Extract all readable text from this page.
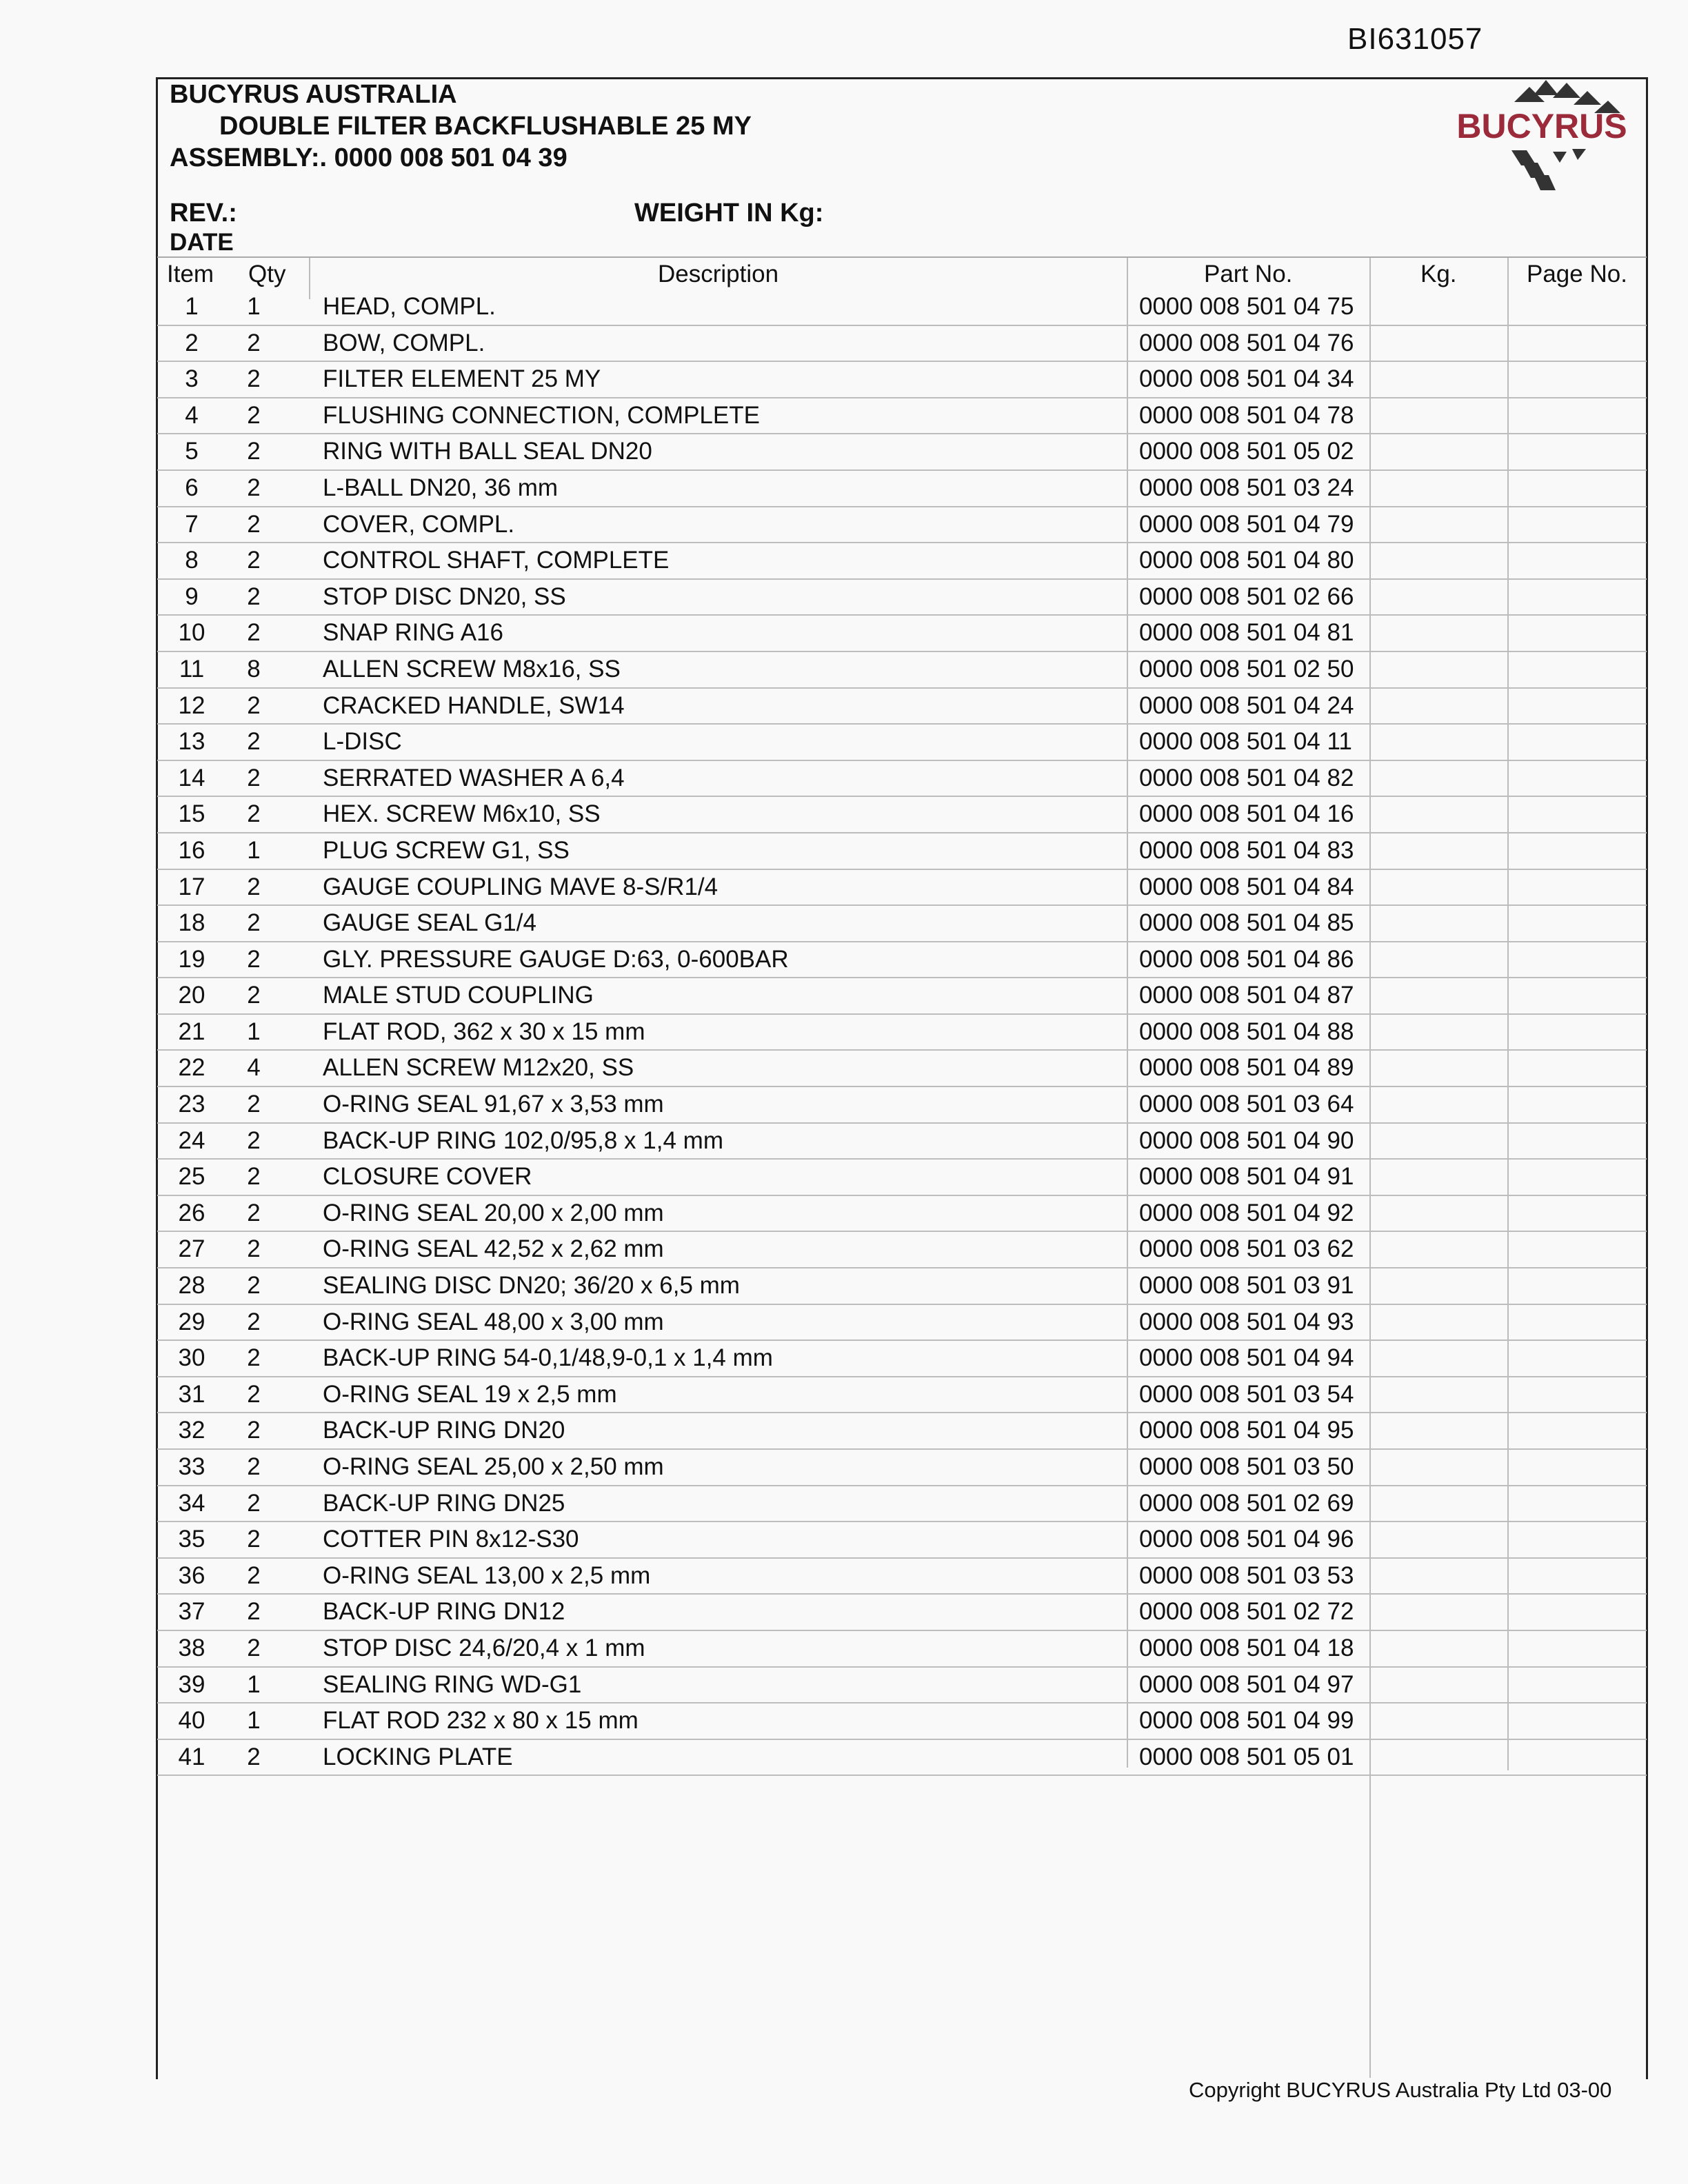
BI631057
BUCYRUS AUSTRALIA
DOUBLE FILTER BACKFLUSHABLE 25 MY
ASSEMBLY:. 0000 008 501 04 39
REV.:	WEIGHT IN Kg:
DATE
BUCYRUS
Item Qty	Description	Part No.	Kg.	Page No.
1	1	HEAD, COMPL.	0000 008 501 04 75
2	2	BOW, COMPL.	0000 008 501 04 76
3	2	FILTER ELEMENT 25 MY	0000 008 501 04 34
4	2	FLUSHING CONNECTION, COMPLETE	0000 008 501 04 78
5	2	RING WITH BALL SEAL DN20	0000 008 501 05 02
6	2	L-BALL DN20, 36 mm	0000 008 501 03 24
7	2	COVER, COMPL.	0000 008 501 04 79
8	2	CONTROL SHAFT, COMPLETE	0000 008 501 04 80
9	2	STOP DISC DN20, SS	0000 008 501 02 66
10	2	SNAP RING A16	0000 008 501 04 81
11	8	ALLEN SCREW M8x16, SS	0000 008 501 02 50
12	2	CRACKED HANDLE, SW14	0000 008 501 04 24
13	2	L-DISC	0000 008 501 04 11
14	2	SERRATED WASHER A 6,4	0000 008 501 04 82
15	2	HEX. SCREW M6x10, SS	0000 008 501 04 16
16	1	PLUG SCREW G1, SS	0000 008 501 04 83
17	2	GAUGE COUPLING MAVE 8-S/R1/4	0000 008 501 04 84
18	2	GAUGE SEAL G1/4	0000 008 501 04 85
19	2	GLY. PRESSURE GAUGE D:63, 0-600BAR	0000 008 501 04 86
20	2	MALE STUD COUPLING	0000 008 501 04 87
21	1	FLAT ROD, 362 x 30 x 15 mm	0000 008 501 04 88
22	4	ALLEN SCREW M12x20, SS	0000 008 501 04 89
23	2	O-RING SEAL 91,67 x 3,53 mm	0000 008 501 03 64
24	2	BACK-UP RING 102,0/95,8 x 1,4 mm	0000 008 501 04 90
25	2	CLOSURE COVER	0000 008 501 04 91
26	2	O-RING SEAL 20,00 x 2,00 mm	0000 008 501 04 92
27	2	O-RING SEAL 42,52 x 2,62 mm	0000 008 501 03 62
28	2	SEALING DISC DN20; 36/20 x 6,5 mm	0000 008 501 03 91
29	2	O-RING SEAL 48,00 x 3,00 mm	0000 008 501 04 93
30	2	BACK-UP RING 54-0,1/48,9-0,1 x 1,4 mm	0000 008 501 04 94
31	2	O-RING SEAL 19 x 2,5 mm	0000 008 501 03 54
32	2	BACK-UP RING DN20	0000 008 501 04 95
33	2	O-RING SEAL 25,00 x 2,50 mm	0000 008 501 03 50
34	2	BACK-UP RING DN25	0000 008 501 02 69
35	2	COTTER PIN 8x12-S30	0000 008 501 04 96
36	2	O-RING SEAL 13,00 x 2,5 mm	0000 008 501 03 53
37	2	BACK-UP RING DN12	0000 008 501 02 72
38	2	STOP DISC 24,6/20,4 x 1 mm	0000 008 501 04 18
39	1	SEALING RING WD-G1	0000 008 501 04 97
40	1	FLAT ROD 232 x 80 x 15 mm	0000 008 501 04 99
41	2	LOCKING PLATE	0000 008 501 05 01
Copyright BUCYRUS Australia Pty Ltd 03-00
